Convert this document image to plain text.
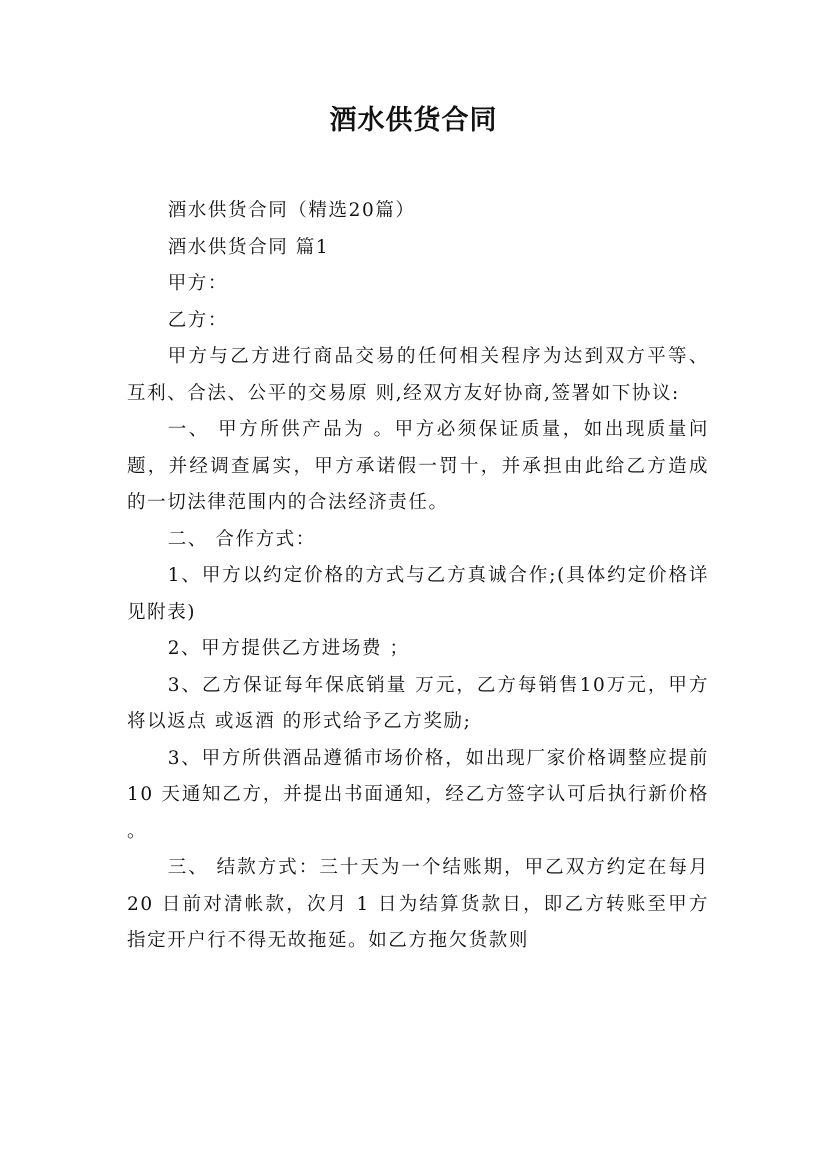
酒水供货合同

酒水供货合同（精选20篇）

酒水供货合同 篇1

甲方：

乙方：

甲方与乙方进行商品交易的任何相关程序为达到双方平等、互利、合法、公平的交易原 则,经双方友好协商,签署如下协议:

一、 甲方所供产品为 。甲方必须保证质量，如出现质量问题，并经调查属实，甲方承诺假一罚十，并承担由此给乙方造成的一切法律范围内的合法经济责任。

二、 合作方式：

1、甲方以约定价格的方式与乙方真诚合作;(具体约定价格详见附表)

2、甲方提供乙方进场费 ；

3、乙方保证每年保底销量 万元，乙方每销售10万元，甲方将以返点 或返酒 的形式给予乙方奖励;

3、甲方所供酒品遵循市场价格，如出现厂家价格调整应提前10 天通知乙方，并提出书面通知，经乙方签字认可后执行新价格 。

三、 结款方式：三十天为一个结账期，甲乙双方约定在每月 20 日前对清帐款，次月 1 日为结算货款日，即乙方转账至甲方指定开户行不得无故拖延。如乙方拖欠货款则
